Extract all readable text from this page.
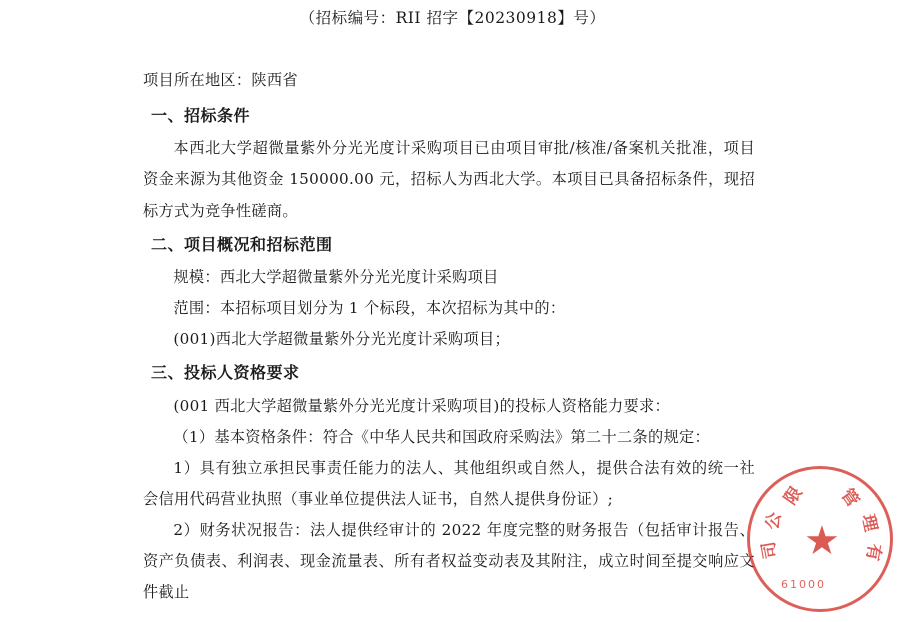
（招标编号：RII 招字【20230918】号）

项目所在地区：陕西省

一、招标条件

本西北大学超微量紫外分光光度计采购项目已由项目审批/核准/备案机关批准，项目资金来源为其他资金 150000.00 元，招标人为西北大学。本项目已具备招标条件，现招标方式为竞争性磋商。

二、项目概况和招标范围

规模：西北大学超微量紫外分光光度计采购项目

范围：本招标项目划分为 1 个标段，本次招标为其中的：

(001)西北大学超微量紫外分光光度计采购项目；

三、投标人资格要求

(001 西北大学超微量紫外分光光度计采购项目)的投标人资格能力要求：

（1）基本资格条件：符合《中华人民共和国政府采购法》第二十二条的规定：

1）具有独立承担民事责任能力的法人、其他组织或自然人，提供合法有效的统一社会信用代码营业执照（事业单位提供法人证书，自然人提供身份证）;

2）财务状况报告：法人提供经审计的 2022 年度完整的财务报告（包括审计报告、资产负债表、利润表、现金流量表、所有者权益变动表及其附注，成立时间至提交响应文件截止

★
管
理
有
限
公
司
61000
